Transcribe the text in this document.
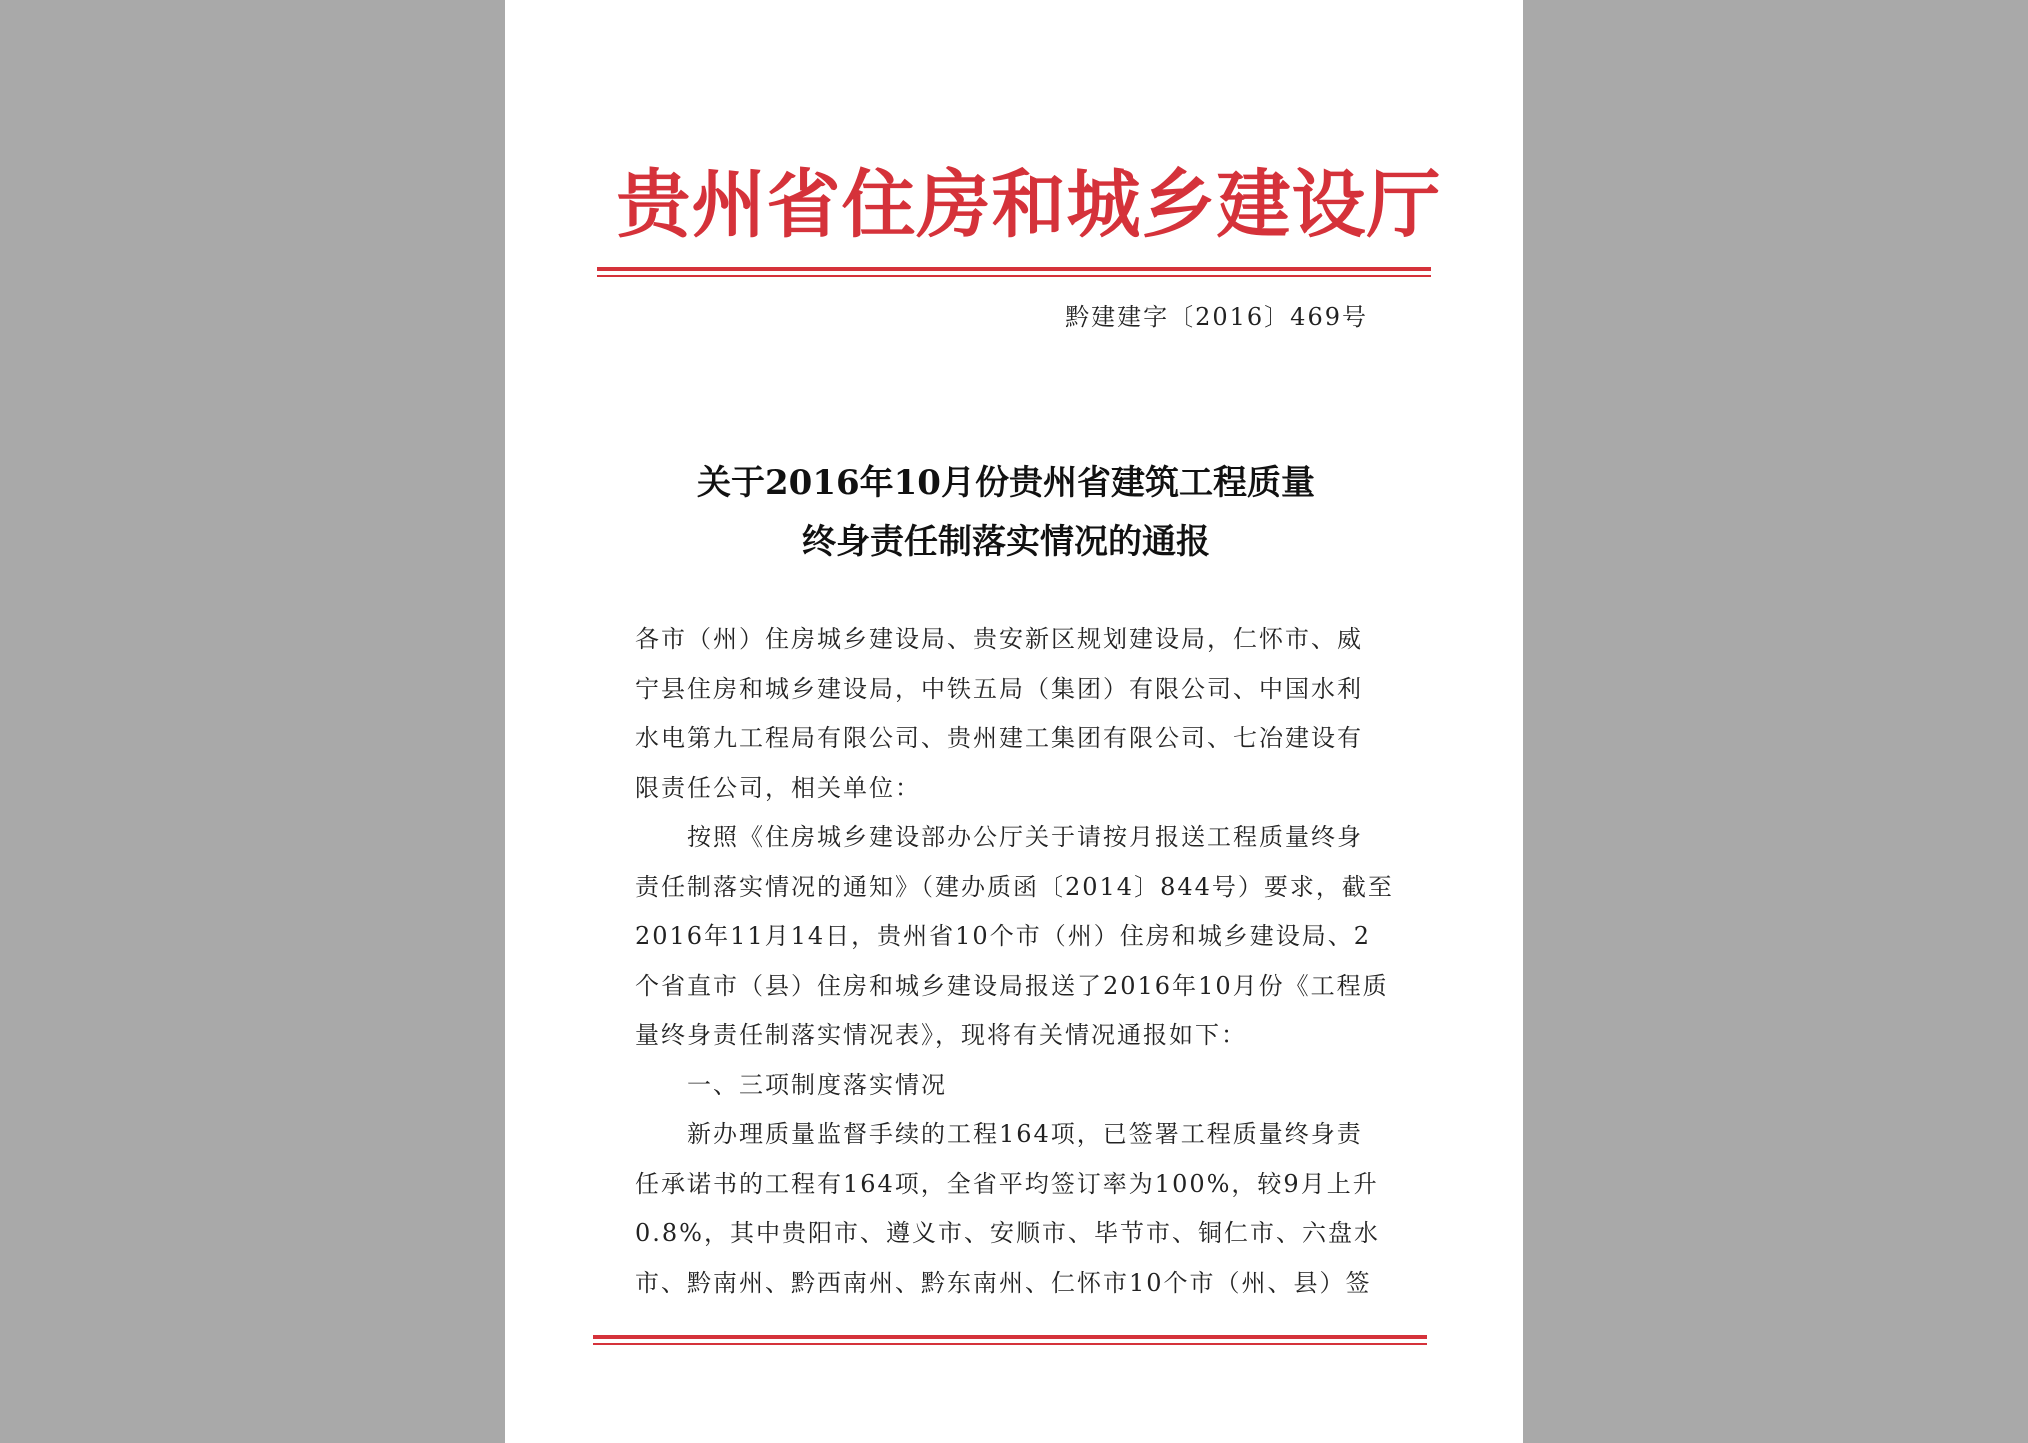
贵州省住房和城乡建设厅
黔建建字〔2016〕469号
关于2016年10月份贵州省建筑工程质量
终身责任制落实情况的通报
各市（州）住房城乡建设局、贵安新区规划建设局，仁怀市、威
宁县住房和城乡建设局，中铁五局（集团）有限公司、中国水利
水电第九工程局有限公司、贵州建工集团有限公司、七冶建设有
限责任公司，相关单位：
按照《住房城乡建设部办公厅关于请按月报送工程质量终身
责任制落实情况的通知》（建办质函〔2014〕844号）要求，截至
2016年11月14日，贵州省10个市（州）住房和城乡建设局、2
个省直市（县）住房和城乡建设局报送了2016年10月份《工程质
量终身责任制落实情况表》，现将有关情况通报如下：
一、三项制度落实情况
新办理质量监督手续的工程164项，已签署工程质量终身责
任承诺书的工程有164项，全省平均签订率为100%，较9月上升
0.8%，其中贵阳市、遵义市、安顺市、毕节市、铜仁市、六盘水
市、黔南州、黔西南州、黔东南州、仁怀市10个市（州、县）签
